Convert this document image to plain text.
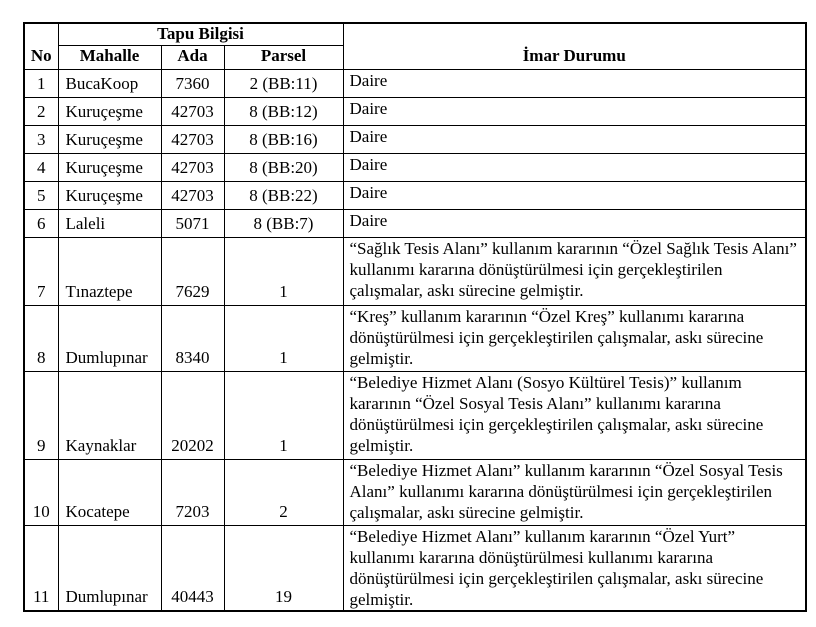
No	Tapu Bilgisi			İmar Durumu
	Mahalle	Ada	Parsel	
1	BucaKoop	7360	2 (BB:11)	Daire
2	Kuruçeşme	42703	8 (BB:12)	Daire
3	Kuruçeşme	42703	8 (BB:16)	Daire
4	Kuruçeşme	42703	8 (BB:20)	Daire
5	Kuruçeşme	42703	8 (BB:22)	Daire
6	Laleli	5071	8 (BB:7)	Daire
7	Tınaztepe	7629	1	“Sağlık Tesis Alanı” kullanım kararının “Özel Sağlık Tesis Alanı” kullanımı kararına dönüştürülmesi için gerçekleştirilen çalışmalar, askı sürecine gelmiştir.
8	Dumlupınar	8340	1	“Kreş” kullanım kararının “Özel Kreş” kullanımı kararına dönüştürülmesi için gerçekleştirilen çalışmalar, askı sürecine gelmiştir.
9	Kaynaklar	20202	1	“Belediye Hizmet Alanı (Sosyo Kültürel Tesis)” kullanım kararının “Özel Sosyal Tesis Alanı” kullanımı kararına dönüştürülmesi için gerçekleştirilen çalışmalar, askı sürecine gelmiştir.
10	Kocatepe	7203	2	“Belediye Hizmet Alanı” kullanım kararının “Özel Sosyal Tesis Alanı” kullanımı kararına dönüştürülmesi için gerçekleştirilen çalışmalar, askı sürecine gelmiştir.
11	Dumlupınar	40443	19	“Belediye Hizmet Alanı” kullanım kararının “Özel Yurt” kullanımı kararına dönüştürülmesi kullanımı kararına dönüştürülmesi için gerçekleştirilen çalışmalar, askı sürecine gelmiştir.
